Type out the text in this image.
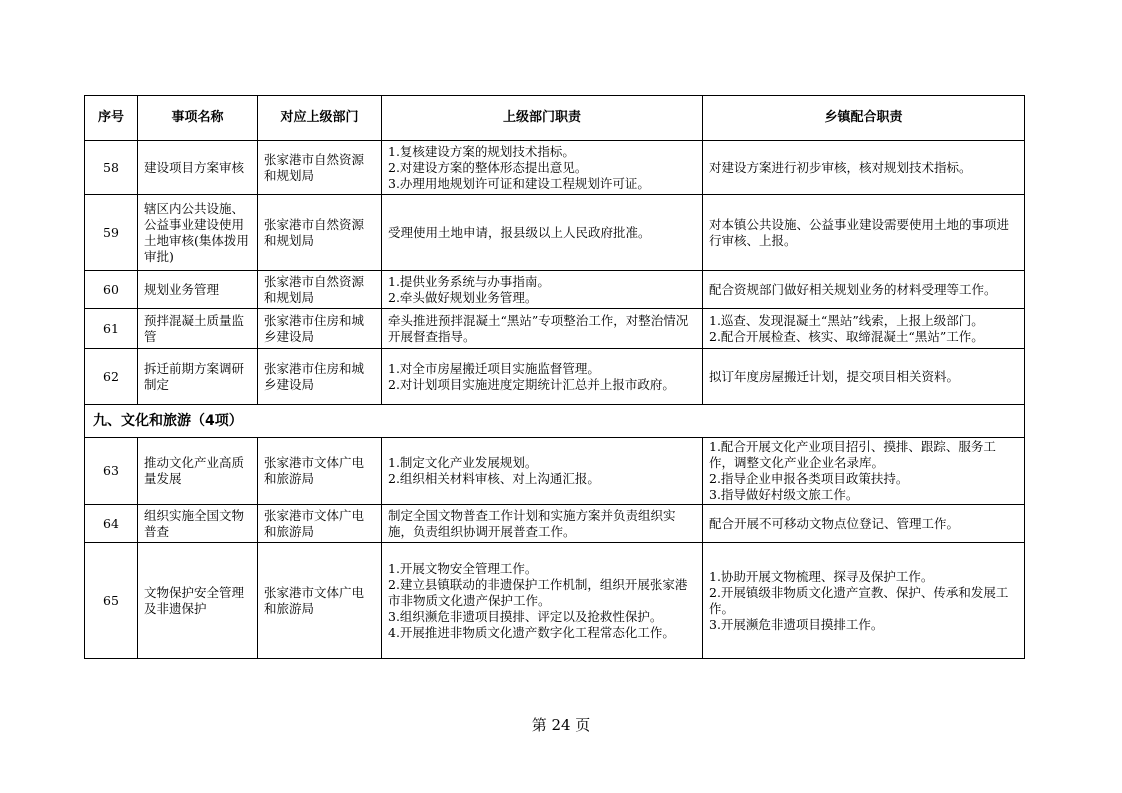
序号	事项名称	对应上级部门	上级部门职责	乡镇配合职责
58	建设项目方案审核	张家港市自然资源和规划局	1.复核建设方案的规划技术指标。
2.对建设方案的整体形态提出意见。
3.办理用地规划许可证和建设工程规划许可证。	对建设方案进行初步审核，核对规划技术指标。

59	辖区内公共设施、公益事业建设使用土地审核(集体拨用审批)	张家港市自然资源和规划局	受理使用土地申请，报县级以上人民政府批准。	对本镇公共设施、公益事业建设需要使用土地的事项进行审核、上报。

60	规划业务管理	张家港市自然资源和规划局	1.提供业务系统与办事指南。
2.牵头做好规划业务管理。	配合资规部门做好相关规划业务的材料受理等工作。

61	预拌混凝土质量监管	张家港市住房和城乡建设局	牵头推进预拌混凝土“黑站”专项整治工作，对整治情况开展督查指导。	1.巡查、发现混凝土“黑站”线索，上报上级部门。
2.配合开展检查、核实、取缔混凝土“黑站”工作。

62	拆迁前期方案调研制定	张家港市住房和城乡建设局	1.对全市房屋搬迁项目实施监督管理。
2.对计划项目实施进度定期统计汇总并上报市政府。	拟订年度房屋搬迁计划，提交项目相关资料。

九、文化和旅游（4项）				
63	推动文化产业高质量发展	张家港市文体广电和旅游局	1.制定文化产业发展规划。
2.组织相关材料审核、对上沟通汇报。	1.配合开展文化产业项目招引、摸排、跟踪、服务工作，调整文化产业企业名录库。
2.指导企业申报各类项目政策扶持。
3.指导做好村级文旅工作。

64	组织实施全国文物普查	张家港市文体广电和旅游局	制定全国文物普查工作计划和实施方案并负责组织实施，负责组织协调开展普查工作。	配合开展不可移动文物点位登记、管理工作。

65	文物保护安全管理及非遗保护	张家港市文体广电和旅游局	1.开展文物安全管理工作。
2.建立县镇联动的非遗保护工作机制，组织开展张家港市非物质文化遗产保护工作。
3.组织濒危非遗项目摸排、评定以及抢救性保护。
4.开展推进非物质文化遗产数字化工程常态化工作。	1.协助开展文物梳理、探寻及保护工作。
2.开展镇级非物质文化遗产宣教、保护、传承和发展工作。
3.开展濒危非遗项目摸排工作。
第 24 页
